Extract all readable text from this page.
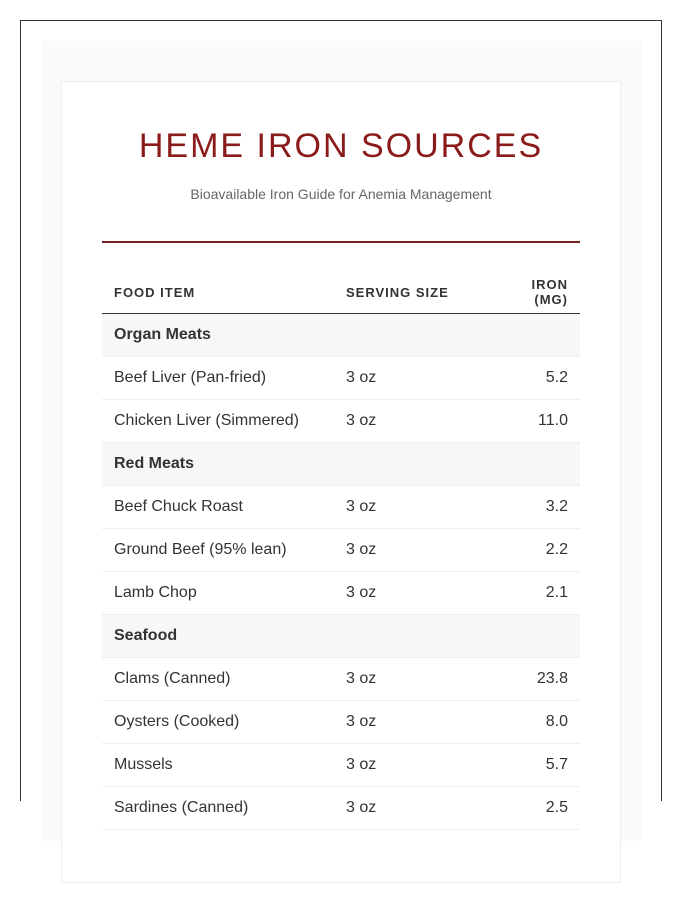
HEME IRON SOURCES
Bioavailable Iron Guide for Anemia Management
FOOD ITEM	SERVING SIZE	IRON (MG)
Organ Meats		
Beef Liver (Pan-fried)	3 oz	5.2
Chicken Liver (Simmered)	3 oz	11.0
Red Meats		
Beef Chuck Roast	3 oz	3.2
Ground Beef (95% lean)	3 oz	2.2
Lamb Chop	3 oz	2.1
Seafood		
Clams (Canned)	3 oz	23.8
Oysters (Cooked)	3 oz	8.0
Mussels	3 oz	5.7
Sardines (Canned)	3 oz	2.5
